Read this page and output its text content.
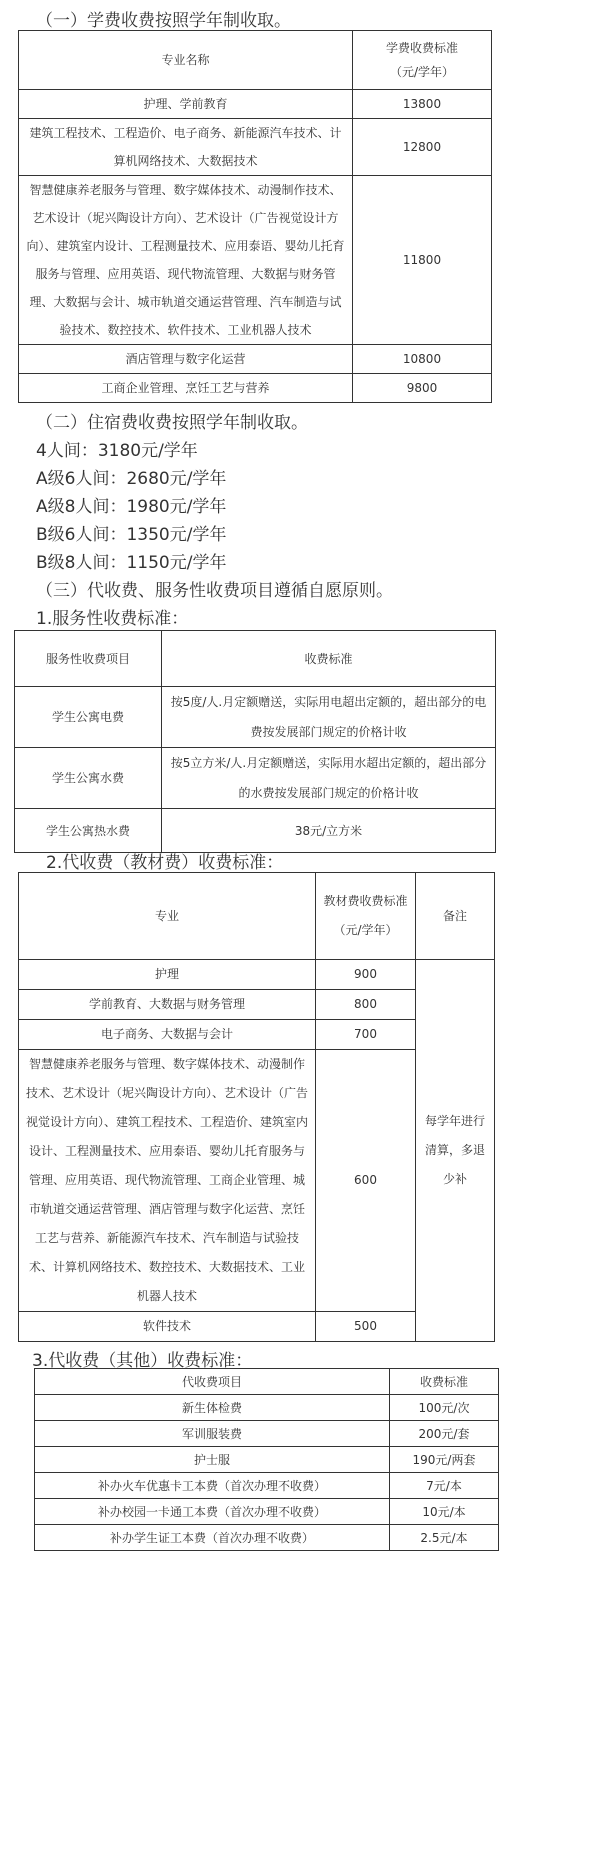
（一）学费收费按照学年制收取。
专业名称	学费收费标准
（元/学年）

护理、学前教育	13800
建筑工程技术、工程造价、电子商务、新能源汽车技术、计算机网络技术、大数据技术	12800
智慧健康养老服务与管理、数字媒体技术、动漫制作技术、艺术设计（坭兴陶设计方向）、艺术设计（广告视觉设计方向）、建筑室内设计、工程测量技术、应用泰语、婴幼儿托育服务与管理、应用英语、现代物流管理、大数据与财务管理、大数据与会计、城市轨道交通运营管理、汽车制造与试验技术、数控技术、软件技术、工业机器人技术	11800
酒店管理与数字化运营	10800
工商企业管理、烹饪工艺与营养	9800
（二）住宿费收费按照学年制收取。
4人间：3180元/学年
A级6人间：2680元/学年
A级8人间：1980元/学年
B级6人间：1350元/学年
B级8人间：1150元/学年
（三）代收费、服务性收费项目遵循自愿原则。
1.服务性收费标准：
服务性收费项目	收费标准
学生公寓电费	按5度/人.月定额赠送，实际用电超出定额的，超出部分的电费按发展部门规定的价格计收
学生公寓水费	按5立方米/人.月定额赠送，实际用水超出定额的，超出部分的水费按发展部门规定的价格计收
学生公寓热水费	38元/立方米
2.代收费（教材费）收费标准：
专业	教材费收费标准（元/学年）	备注
护理	900	每学年进行清算，多退少补
学前教育、大数据与财务管理	800	
电子商务、大数据与会计	700	
智慧健康养老服务与管理、数字媒体技术、动漫制作技术、艺术设计（坭兴陶设计方向）、艺术设计（广告视觉设计方向）、建筑工程技术、工程造价、建筑室内设计、工程测量技术、应用泰语、婴幼儿托育服务与管理、应用英语、现代物流管理、工商企业管理、城市轨道交通运营管理、酒店管理与数字化运营、烹饪工艺与营养、新能源汽车技术、汽车制造与试验技术、计算机网络技术、数控技术、大数据技术、工业机器人技术	600	
软件技术	500	
3.代收费（其他）收费标准：
代收费项目	收费标准
新生体检费	100元/次
军训服装费	200元/套
护士服	190元/两套
补办火车优惠卡工本费（首次办理不收费）	7元/本
补办校园一卡通工本费（首次办理不收费）	10元/本
补办学生证工本费（首次办理不收费）	2.5元/本
